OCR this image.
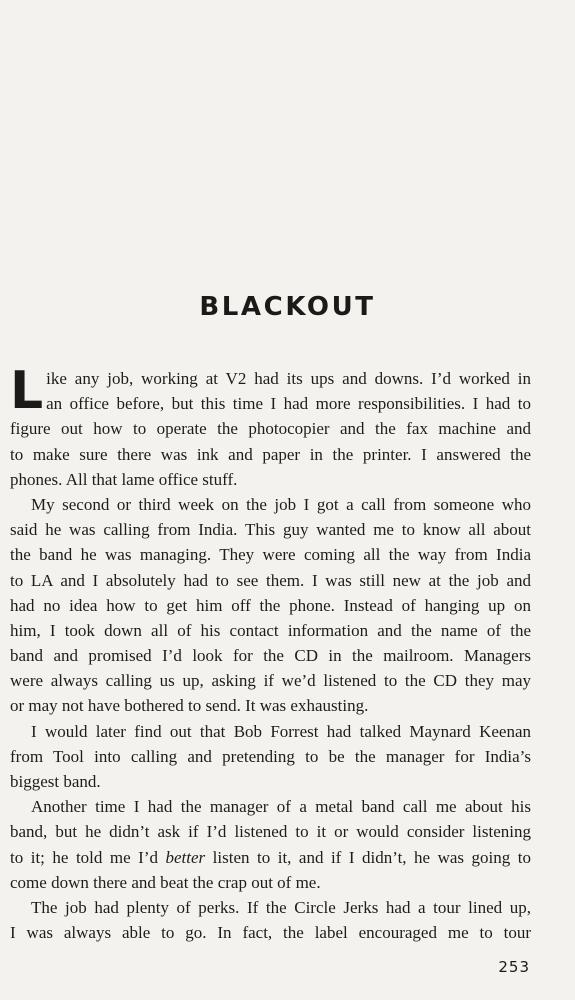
BLACKOUT
L ike any job, working at V2 had its ups and downs. I’d worked in
an office before, but this time I had more responsibilities. I had to
figure out how to operate the photocopier and the fax machine and
to make sure there was ink and paper in the printer. I answered the
phones. All that lame office stuff.
My second or third week on the job I got a call from someone who
said he was calling from India. This guy wanted me to know all about
the band he was managing. They were coming all the way from India
to LA and I absolutely had to see them. I was still new at the job and
had no idea how to get him off the phone. Instead of hanging up on
him, I took down all of his contact information and the name of the
band and promised I’d look for the CD in the mailroom. Managers
were always calling us up, asking if we’d listened to the CD they may
or may not have bothered to send. It was exhausting.
I would later find out that Bob Forrest had talked Maynard Keenan
from Tool into calling and pretending to be the manager for India’s
biggest band.
Another time I had the manager of a metal band call me about his
band, but he didn’t ask if I’d listened to it or would consider listening
to it; he told me I’d better listen to it, and if I didn’t, he was going to
come down there and beat the crap out of me.
The job had plenty of perks. If the Circle Jerks had a tour lined up,
I was always able to go. In fact, the label encouraged me to tour
253
